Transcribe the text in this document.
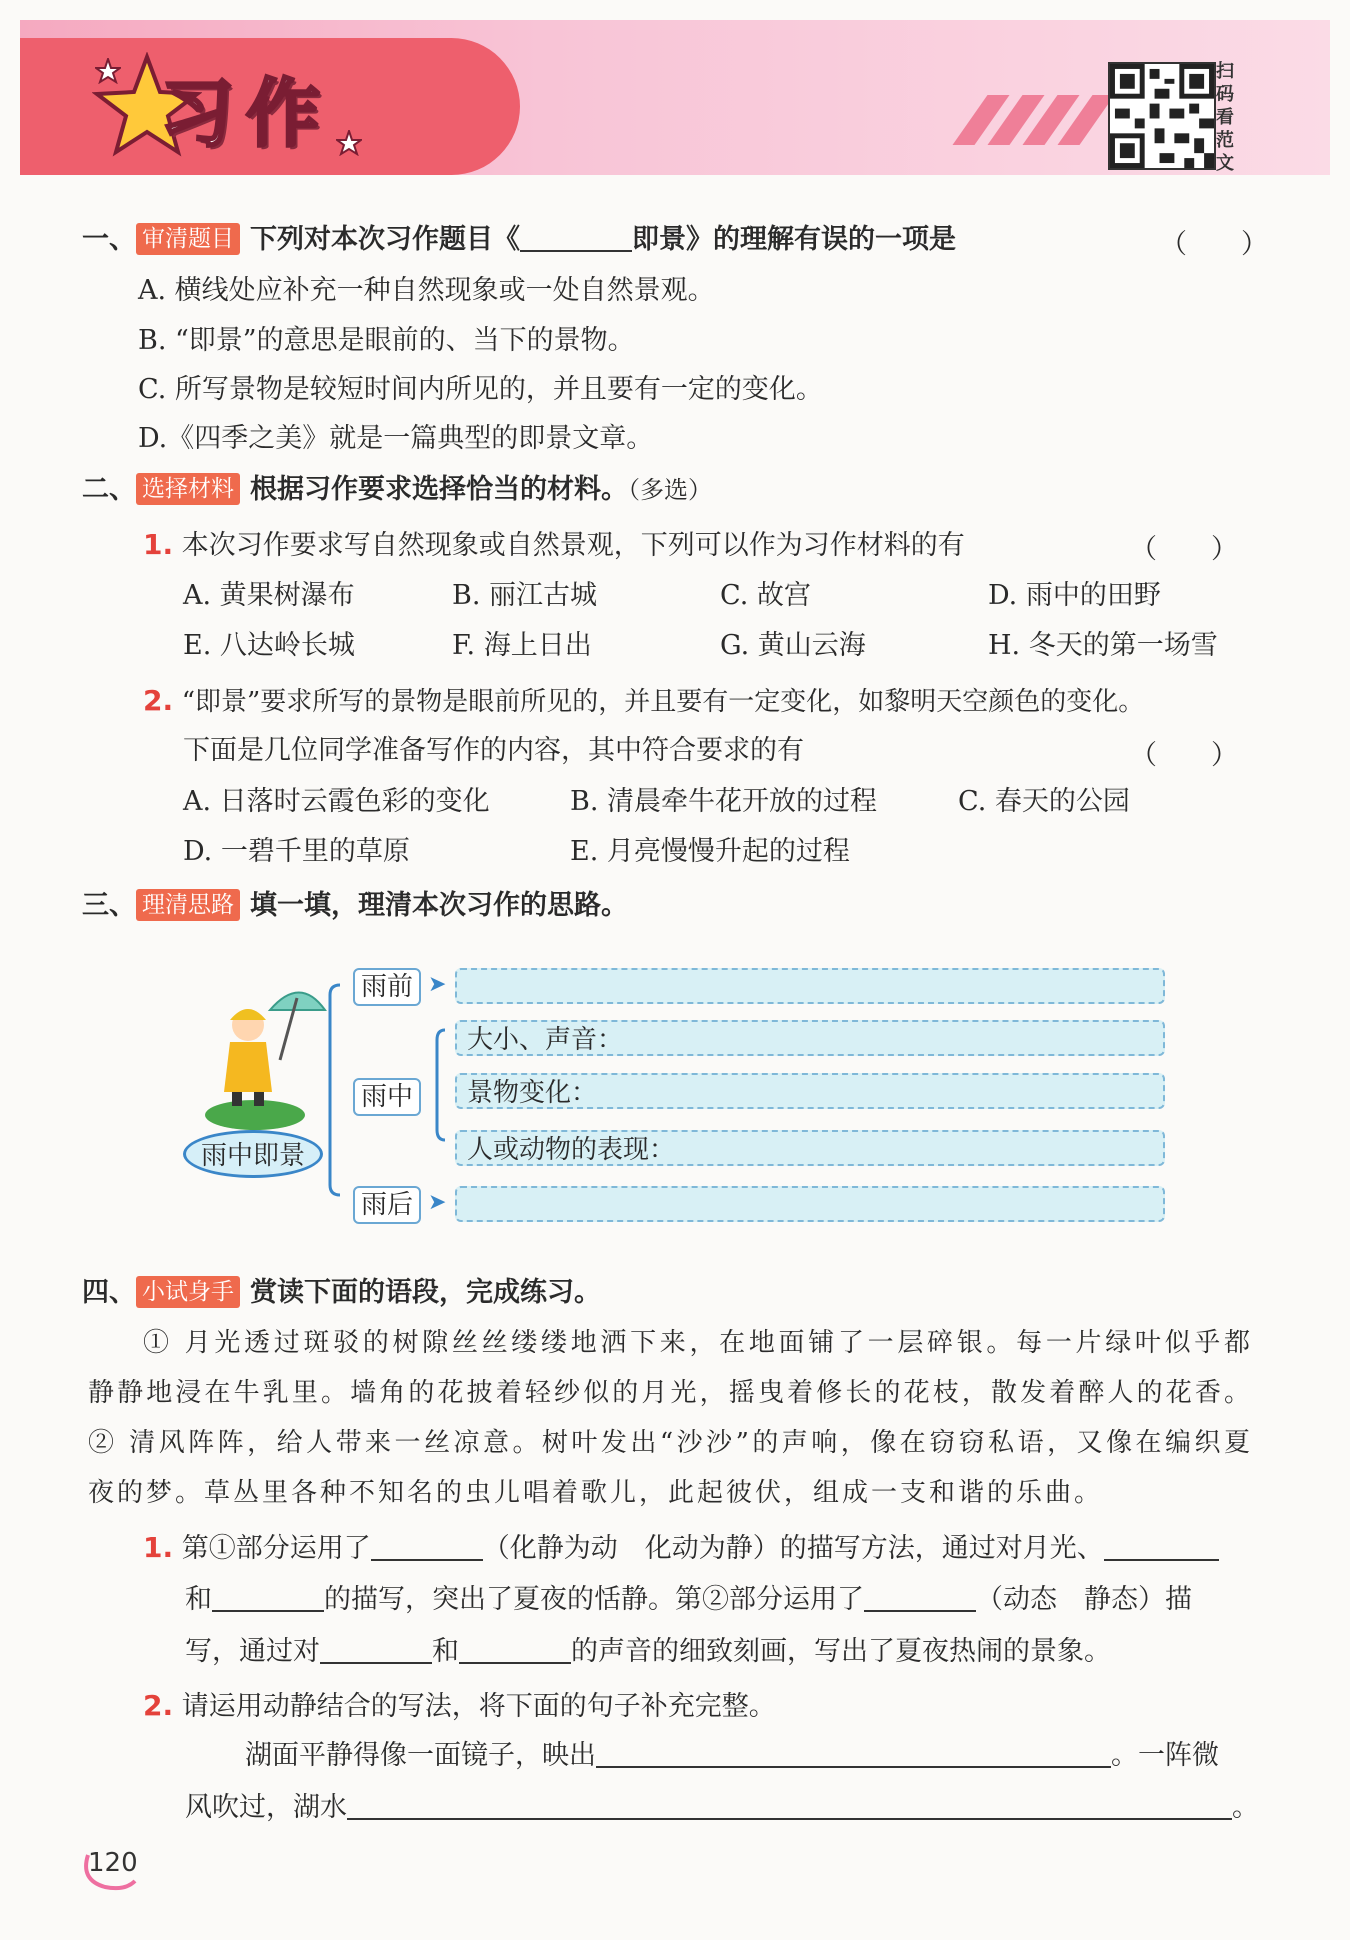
习作	扫码看范文
一、 审清题目 下列对本次习作题目《	即景》的理解有误的一项是	（　　）
A. 横线处应补充一种自然现象或一处自然景观。
B. “即景”的意思是眼前的、当下的景物。
C. 所写景物是较短时间内所见的，并且要有一定的变化。
D.《四季之美》就是一篇典型的即景文章。
二、 选择材料 根据习作要求选择恰当的材料。（多选）
1. 本次习作要求写自然现象或自然景观，下列可以作为习作材料的有	（　　）
A. 黄果树瀑布	B. 丽江古城	C. 故宫	D. 雨中的田野
E. 八达岭长城	F. 海上日出	G. 黄山云海	H. 冬天的第一场雪
2. “即景”要求所写的景物是眼前所见的，并且要有一定变化，如黎明天空颜色的变化。
下面是几位同学准备写作的内容，其中符合要求的有	（　　）
A. 日落时云霞色彩的变化	B. 清晨牵牛花开放的过程	C. 春天的公园
D. 一碧千里的草原	E. 月亮慢慢升起的过程
三、 理清思路 填一填，理清本次习作的思路。
雨中即景
雨前 ➤
雨中
大小、声音：
景物变化：
人或动物的表现：
雨后 ➤
四、 小试身手 赏读下面的语段，完成练习。
① 月光透过斑驳的树隙丝丝缕缕地洒下来，在地面铺了一层碎银。每一片绿叶似乎都静静地浸在牛乳里。墙角的花披着轻纱似的月光，摇曳着修长的花枝，散发着醉人的花香。② 清风阵阵，给人带来一丝凉意。树叶发出“沙沙”的声响，像在窃窃私语，又像在编织夏夜的梦。草丛里各种不知名的虫儿唱着歌儿，此起彼伏，组成一支和谐的乐曲。
1. 第①部分运用了	（化静为动　化动为静）的描写方法，通过对月光、
和	的描写，突出了夏夜的恬静。第②部分运用了	（动态　静态）描
写，通过对	和	的声音的细致刻画，写出了夏夜热闹的景象。
2. 请运用动静结合的写法，将下面的句子补充完整。
湖面平静得像一面镜子，映出	。一阵微
风吹过，湖水	。
120
